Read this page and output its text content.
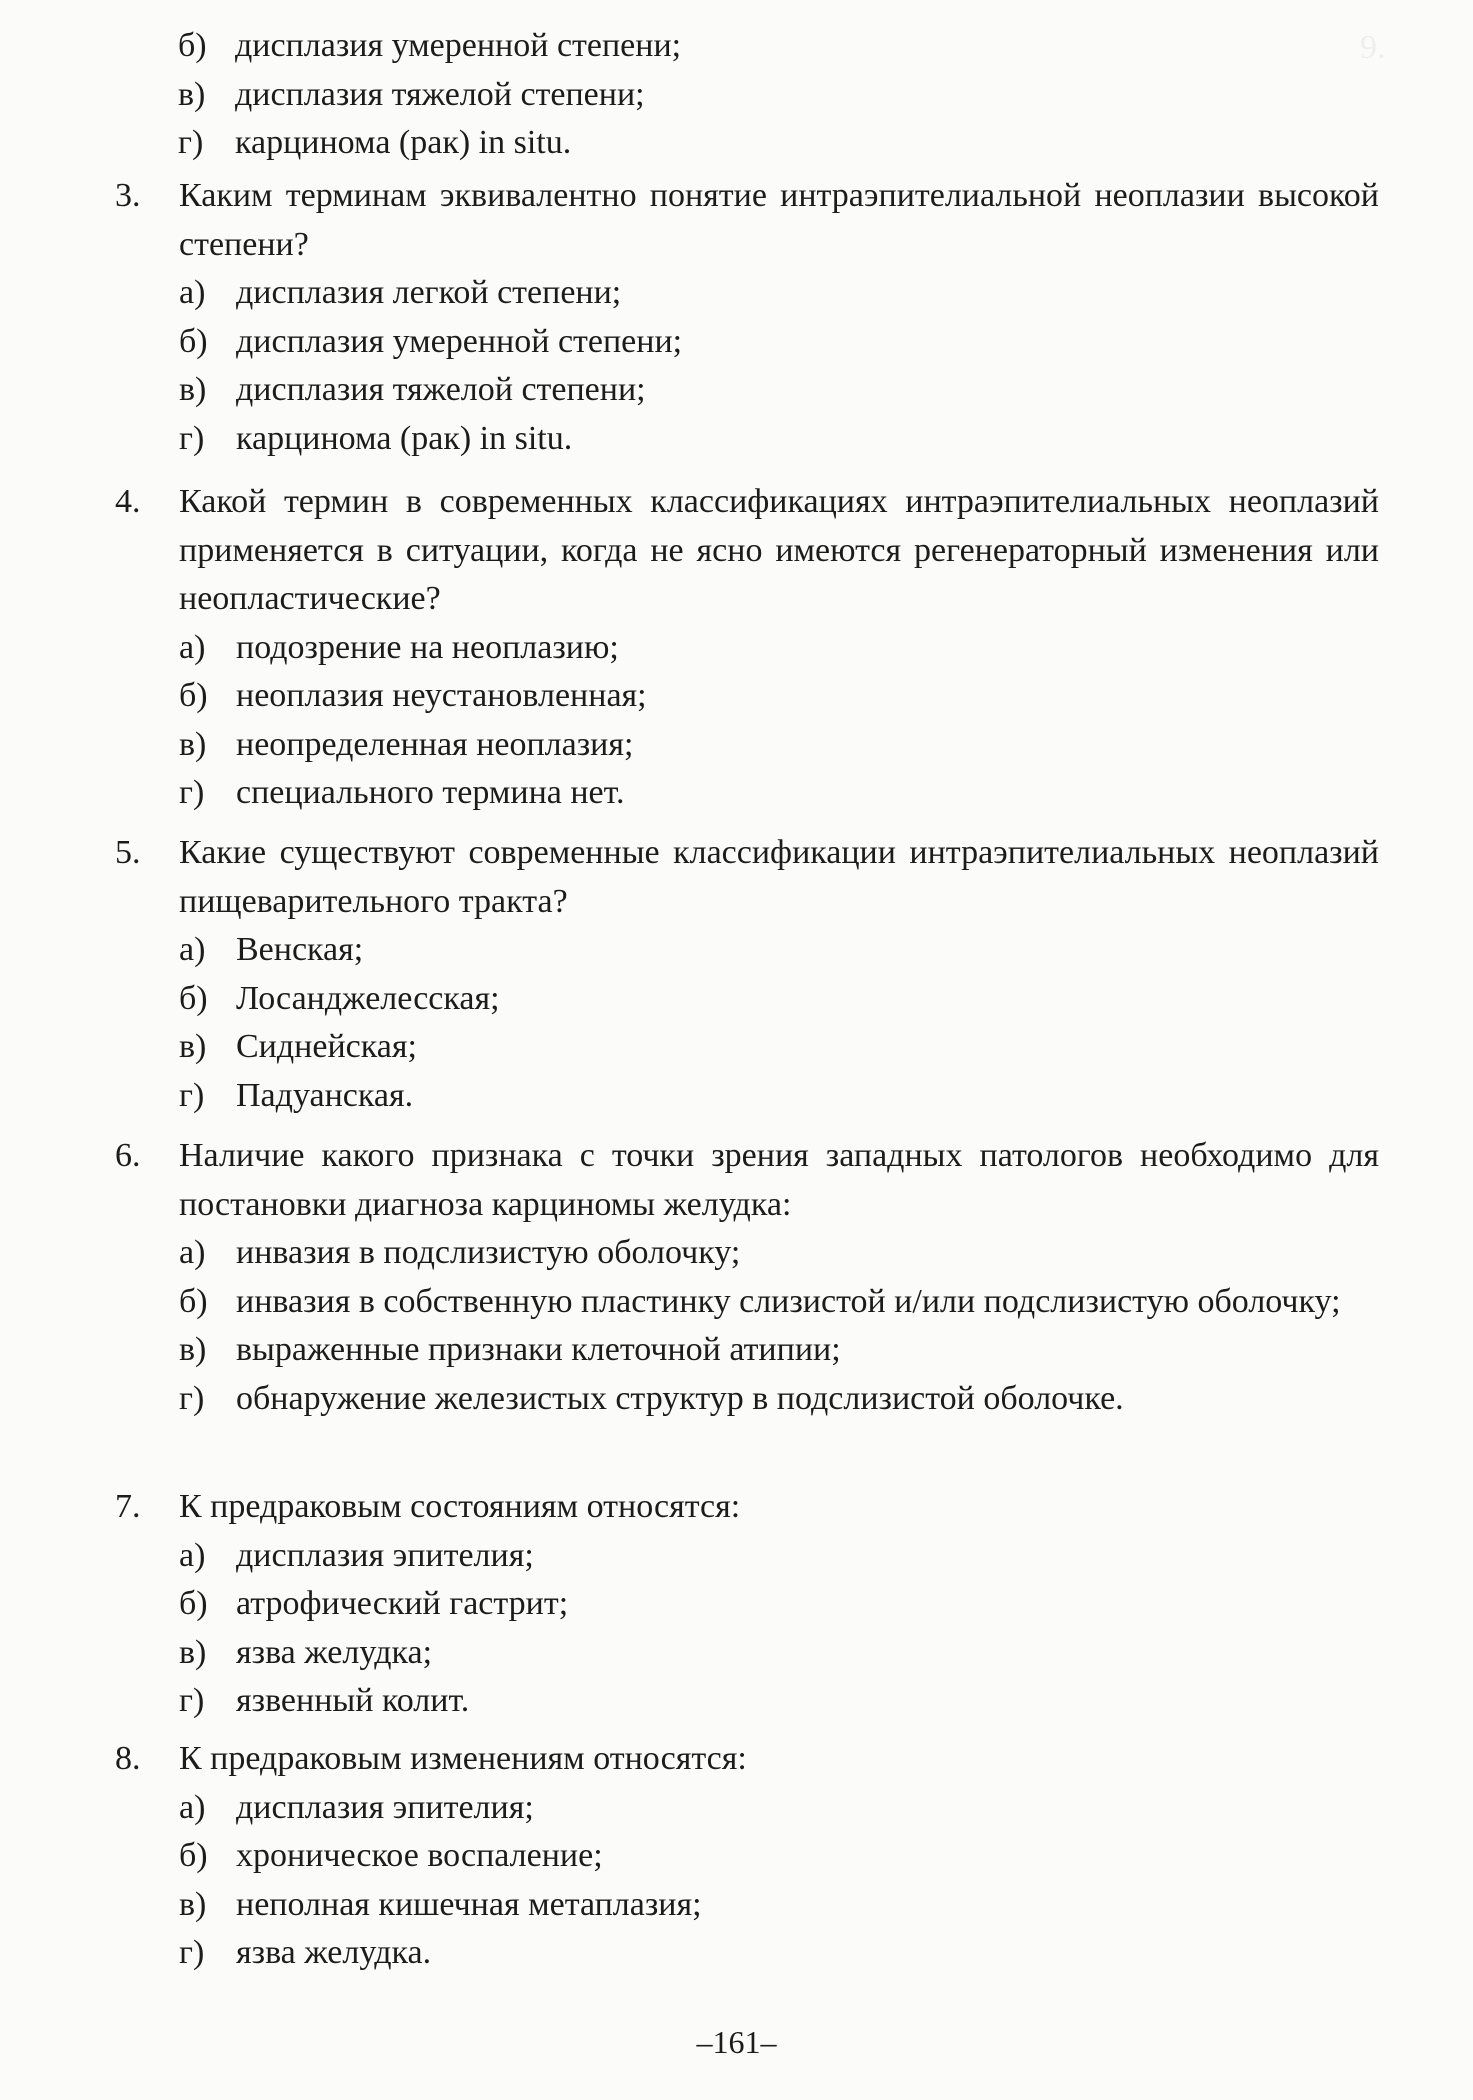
9.
б) дисплазия умеренной степени;
в) дисплазия тяжелой степени;
г) карцинома (рак) in situ.
3.	Каким терминам эквивалентно понятие интраэпителиальной неоплазии высокой степени?
а) дисплазия легкой степени;
б) дисплазия умеренной степени;
в) дисплазия тяжелой степени;
г) карцинома (рак) in situ.
4.	Какой термин в современных классификациях интраэпителиальных неоплазий применяется в ситуации, когда не ясно имеются регенераторный изменения или неопластические?
а) подозрение на неоплазию;
б) неоплазия неустановленная;
в) неопределенная неоплазия;
г) специального термина нет.
5.	Какие существуют современные классификации интраэпителиальных неоплазий пищеварительного тракта?
а) Венская;
б) Лосанджелесская;
в) Сиднейская;
г) Падуанская.
6.	Наличие какого признака с точки зрения западных патологов необходимо для постановки диагноза карциномы желудка:
а) инвазия в подслизистую оболочку;
б) инвазия в собственную пластинку слизистой и/или подслизистую оболочку;
в) выраженные признаки клеточной атипии;
г) обнаружение железистых структур в подслизистой оболочке.
7.	К предраковым состояниям относятся:
а) дисплазия эпителия;
б) атрофический гастрит;
в) язва желудка;
г) язвенный колит.
8.	К предраковым изменениям относятся:
а) дисплазия эпителия;
б) хроническое воспаление;
в) неполная кишечная метаплазия;
г) язва желудка.
–161–
